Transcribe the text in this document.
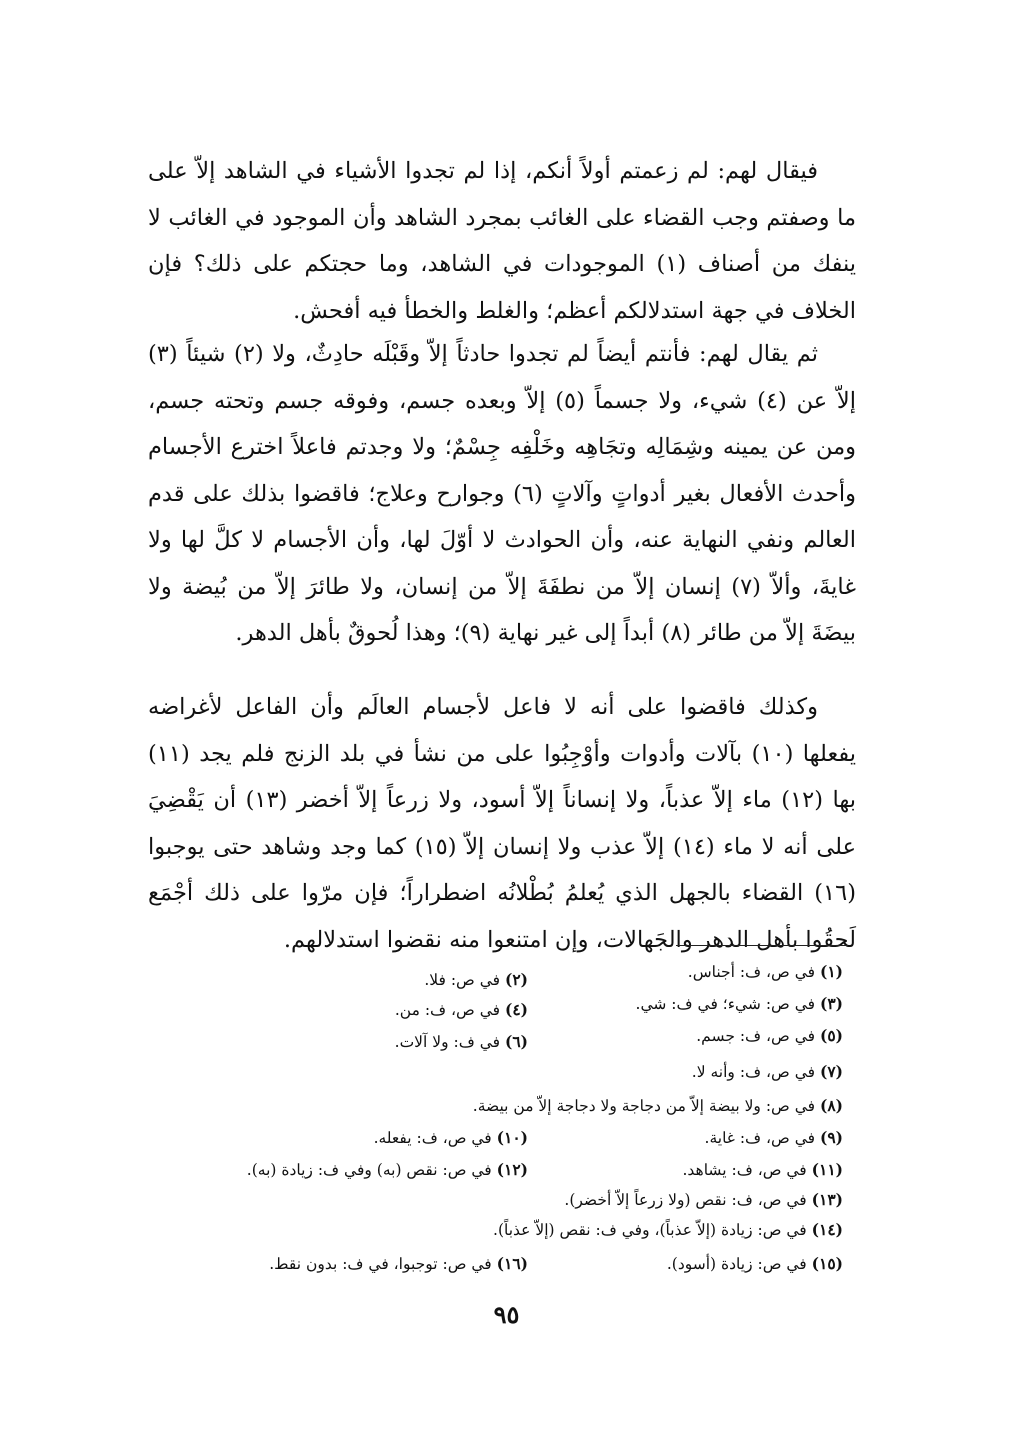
فيقال لهم: لم زعمتم أولاً أنكم، إذا لم تجدوا الأشياء في الشاهد إلاّ على ما وصفتم وجب القضاء على الغائب بمجرد الشاهد وأن الموجود في الغائب لا ينفك من أصناف (١) الموجودات في الشاهد، وما حجتكم على ذلك؟ فإن الخلاف في جهة استدلالكم أعظم؛ والغلط والخطأ فيه أفحش.

ثم يقال لهم: فأنتم أيضاً لم تجدوا حادثاً إلاّ وقَبْلَه حادِثٌ، ولا (٢) شيئاً (٣) إلاّ عن (٤) شيء، ولا جسماً (٥) إلاّ وبعده جسم، وفوقه جسم وتحته جسم، ومن عن يمينه وشِمَالِه وتجَاهِه وخَلْفِه جِسْمٌ؛ ولا وجدتم فاعلاً اخترع الأجسام وأحدث الأفعال بغير أدواتٍ وآلاتٍ (٦) وجوارح وعلاج؛ فاقضوا بذلك على قدم العالم ونفي النهاية عنه، وأن الحوادث لا أوّلَ لها، وأن الأجسام لا كلَّ لها ولا غايةَ، وألاّ (٧) إنسان إلاّ من نطفَةَ إلاّ من إنسان، ولا طائرَ إلاّ من بُيضة ولا بيضَةَ إلاّ من طائر (٨) أبداً إلى غير نهاية (٩)؛ وهذا لُحوقٌ بأهل الدهر.

وكذلك فاقضوا على أنه لا فاعل لأجسام العالَم وأن الفاعل لأغراضه يفعلها (١٠) بآلات وأدوات وأوْجِبُوا على من نشأ في بلد الزنج فلم يجد (١١) بها (١٢) ماء إلاّ عذباً، ولا إنساناً إلاّ أسود، ولا زرعاً إلاّ أخضر (١٣) أن يَقْضِيَ على أنه لا ماء (١٤) إلاّ عذب ولا إنسان إلاّ (١٥) كما وجد وشاهد حتى يوجبوا (١٦) القضاء بالجهل الذي يُعلمُ بُطْلانُه اضطراراً؛ فإن مرّوا على ذلك أجْمَع لَحقُوا بأهل الدهر والجَهالات، وإن امتنعوا منه نقضوا استدلالهم.

(١) في ص، ف: أجناس.
(٢) في ص: فلا.
(٣) في ص: شيء؛ في ف: شي.
(٤) في ص، ف: من.
(٥) في ص، ف: جسم.
(٦) في ف: ولا آلات.
(٧) في ص، ف: وأنه لا.
(٨) في ص: ولا بيضة إلاّ من دجاجة ولا دجاجة إلاّ من بيضة.
(٩) في ص، ف: غاية.
(١٠) في ص، ف: يفعله.
(١١) في ص، ف: يشاهد.
(١٢) في ص: نقص (به) وفي ف: زيادة (به).
(١٣) في ص، ف: نقص (ولا زرعاً إلاّ أخضر).
(١٤) في ص: زيادة (إلاّ عذباً)، وفي ف: نقص (إلاّ عذباً).
(١٥) في ص: زيادة (أسود).
(١٦) في ص: توجبوا، في ف: بدون نقط.
٩٥
